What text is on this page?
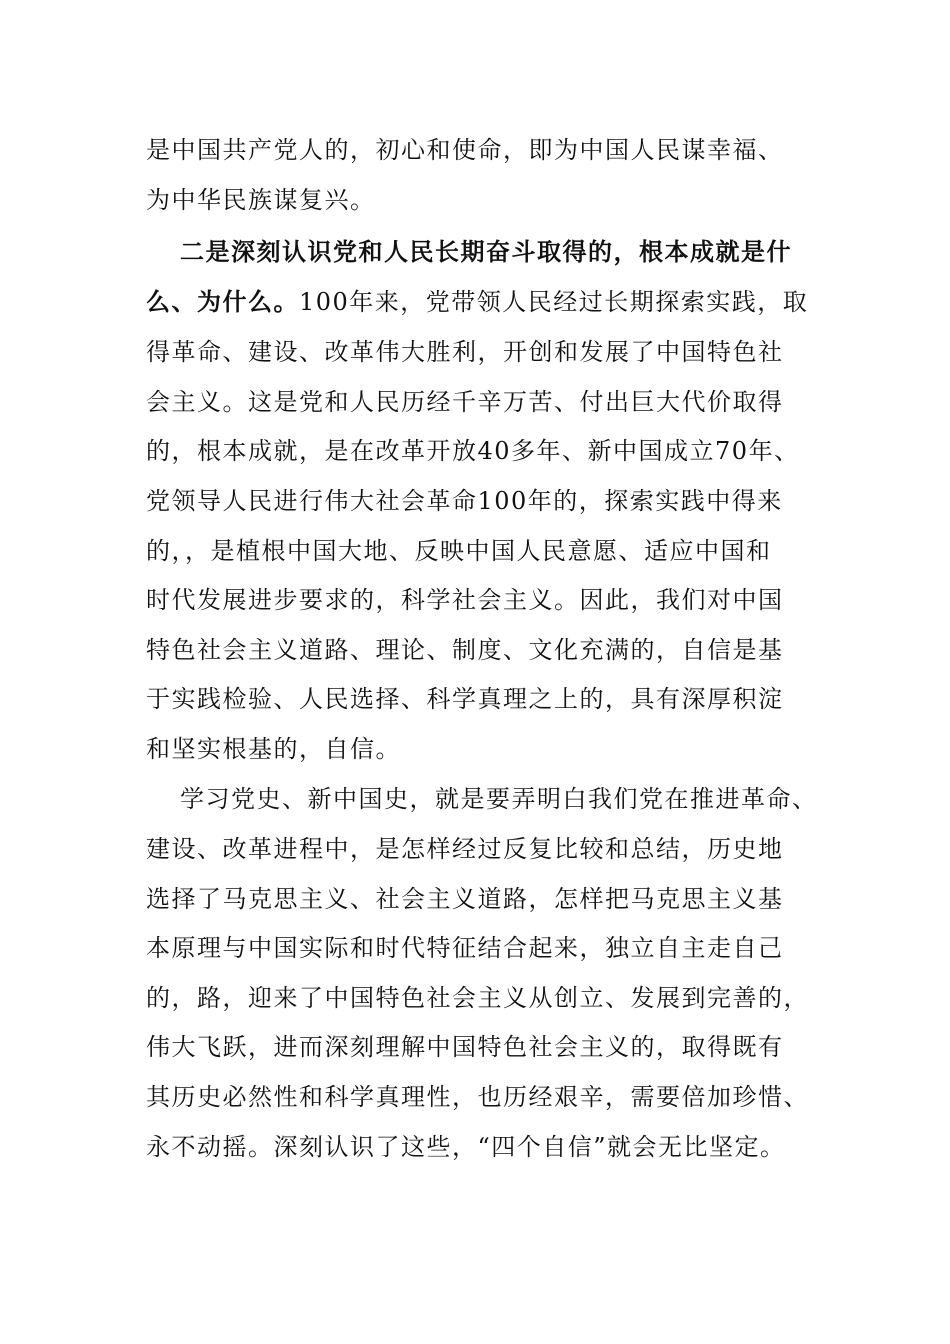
是中国共产党人的，初心和使命，即为中国人民谋幸福、
为中华民族谋复兴。
二是深刻认识党和人民长期奋斗取得的，根本成就是什
么、为什么。100年来，党带领人民经过长期探索实践，取
得革命、建设、改革伟大胜利，开创和发展了中国特色社
会主义。这是党和人民历经千辛万苦、付出巨大代价取得
的，根本成就，是在改革开放40多年、新中国成立70年、
党领导人民进行伟大社会革命100年的，探索实践中得来
的，，是植根中国大地、反映中国人民意愿、适应中国和
时代发展进步要求的，科学社会主义。因此，我们对中国
特色社会主义道路、理论、制度、文化充满的，自信是基
于实践检验、人民选择、科学真理之上的，具有深厚积淀
和坚实根基的，自信。
学习党史、新中国史，就是要弄明白我们党在推进革命、
建设、改革进程中，是怎样经过反复比较和总结，历史地
选择了马克思主义、社会主义道路，怎样把马克思主义基
本原理与中国实际和时代特征结合起来，独立自主走自己
的，路，迎来了中国特色社会主义从创立、发展到完善的，
伟大飞跃，进而深刻理解中国特色社会主义的，取得既有
其历史必然性和科学真理性，也历经艰辛，需要倍加珍惜、
永不动摇。深刻认识了这些，“四个自信”就会无比坚定。
